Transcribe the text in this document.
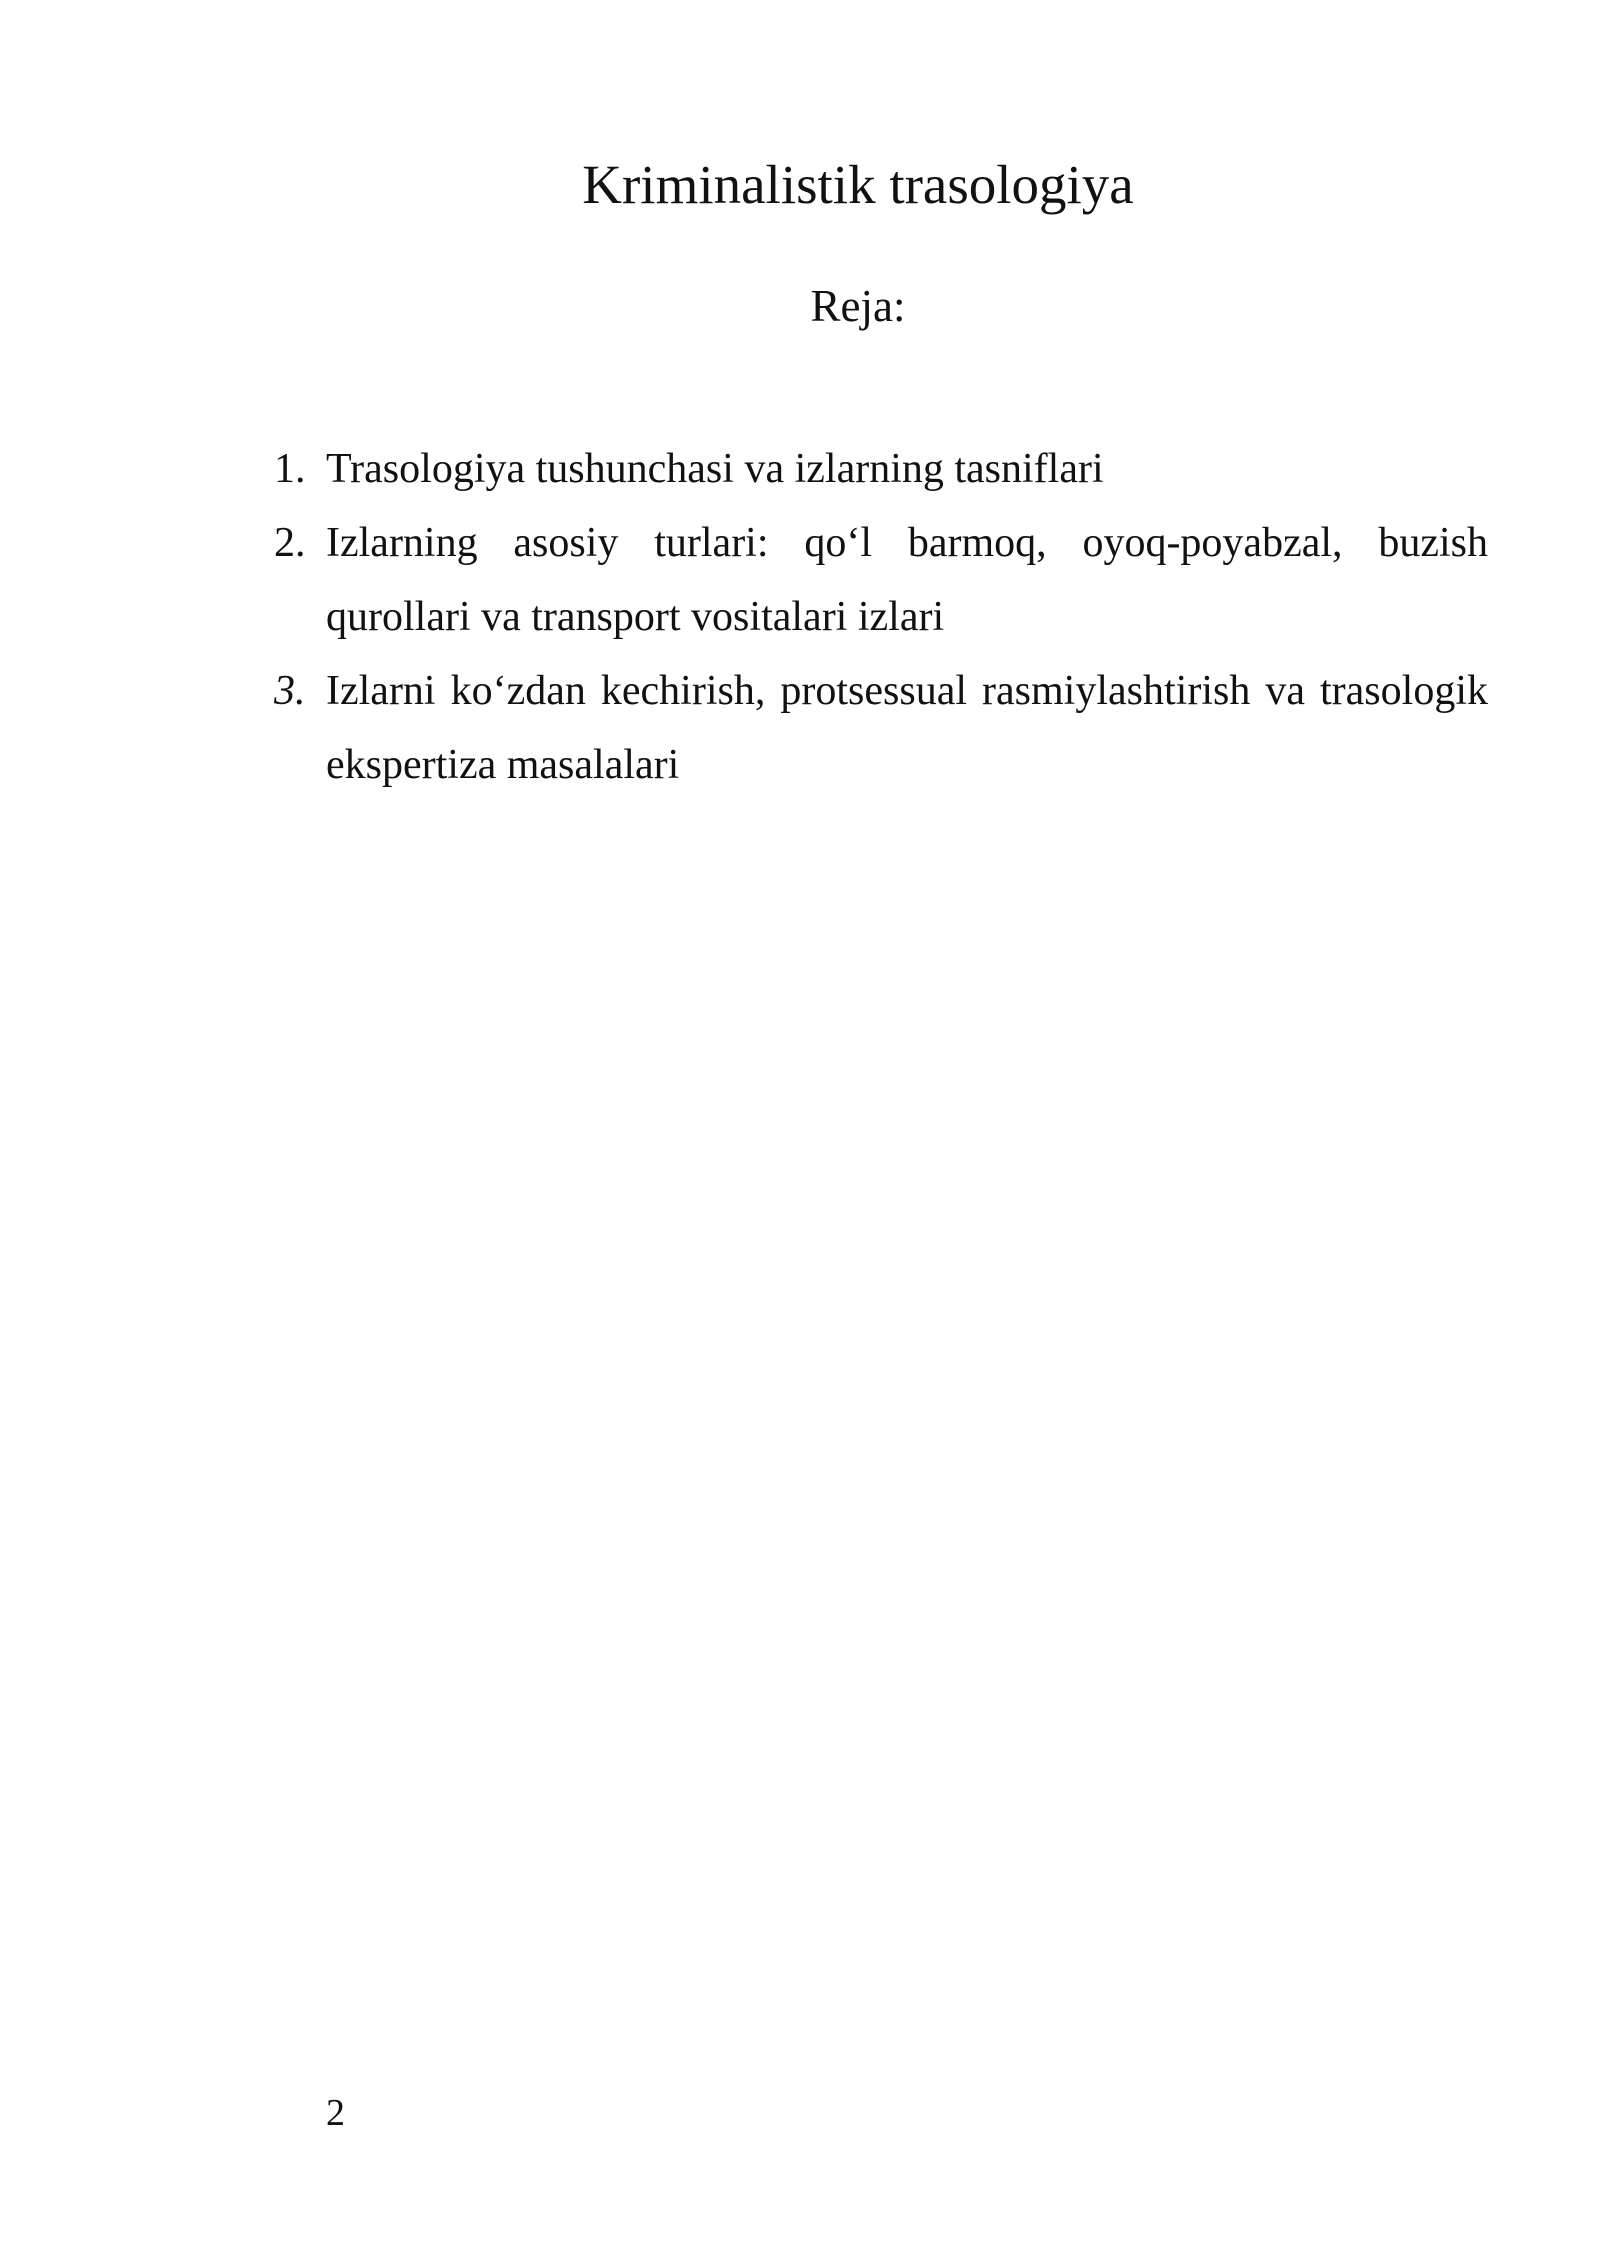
Kriminalistik trasologiya
Reja:
1. Trasologiya tushunchasi va izlarning tasniflari
2. Izlarning asosiy turlari: qo‘l barmoq, oyoq-poyabzal, buzish qurollari va transport vositalari izlari
3. Izlarni ko‘zdan kechirish, protsessual rasmiylashtirish va trasologik ekspertiza masalalari
2
